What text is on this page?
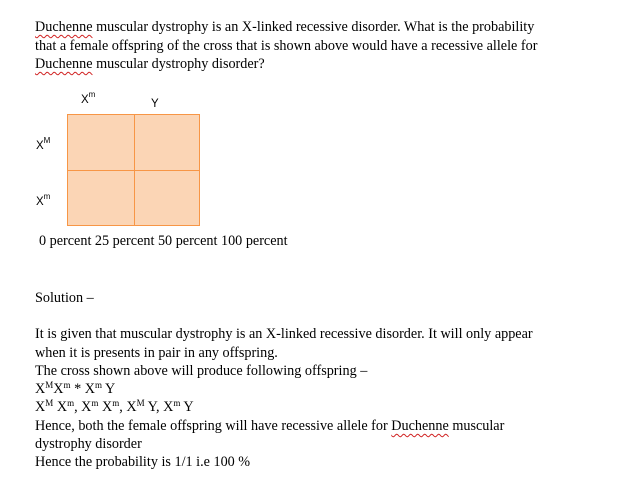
Duchenne muscular dystrophy is an X-linked recessive disorder. What is the probability

that a female offspring of the cross that is shown above would have a recessive allele for

Duchenne muscular dystrophy disorder?

$X^m$
Y
$X^M$
$X^m$
0 percent 25 percent 50 percent 100 percent

Solution –

It is given that muscular dystrophy is an X-linked recessive disorder. It will only appear

when it is presents in pair in any offspring.

The cross shown above will produce following offspring –

$X^MX^m * X^m$ Y

$X^M$ $X^m$, $X^m$ $X^m$, $X^M$ Y, $X^m$ Y

Hence, both the female offspring will have recessive allele for Duchenne muscular

dystrophy disorder

Hence the probability is 1/1 i.e 100 %
